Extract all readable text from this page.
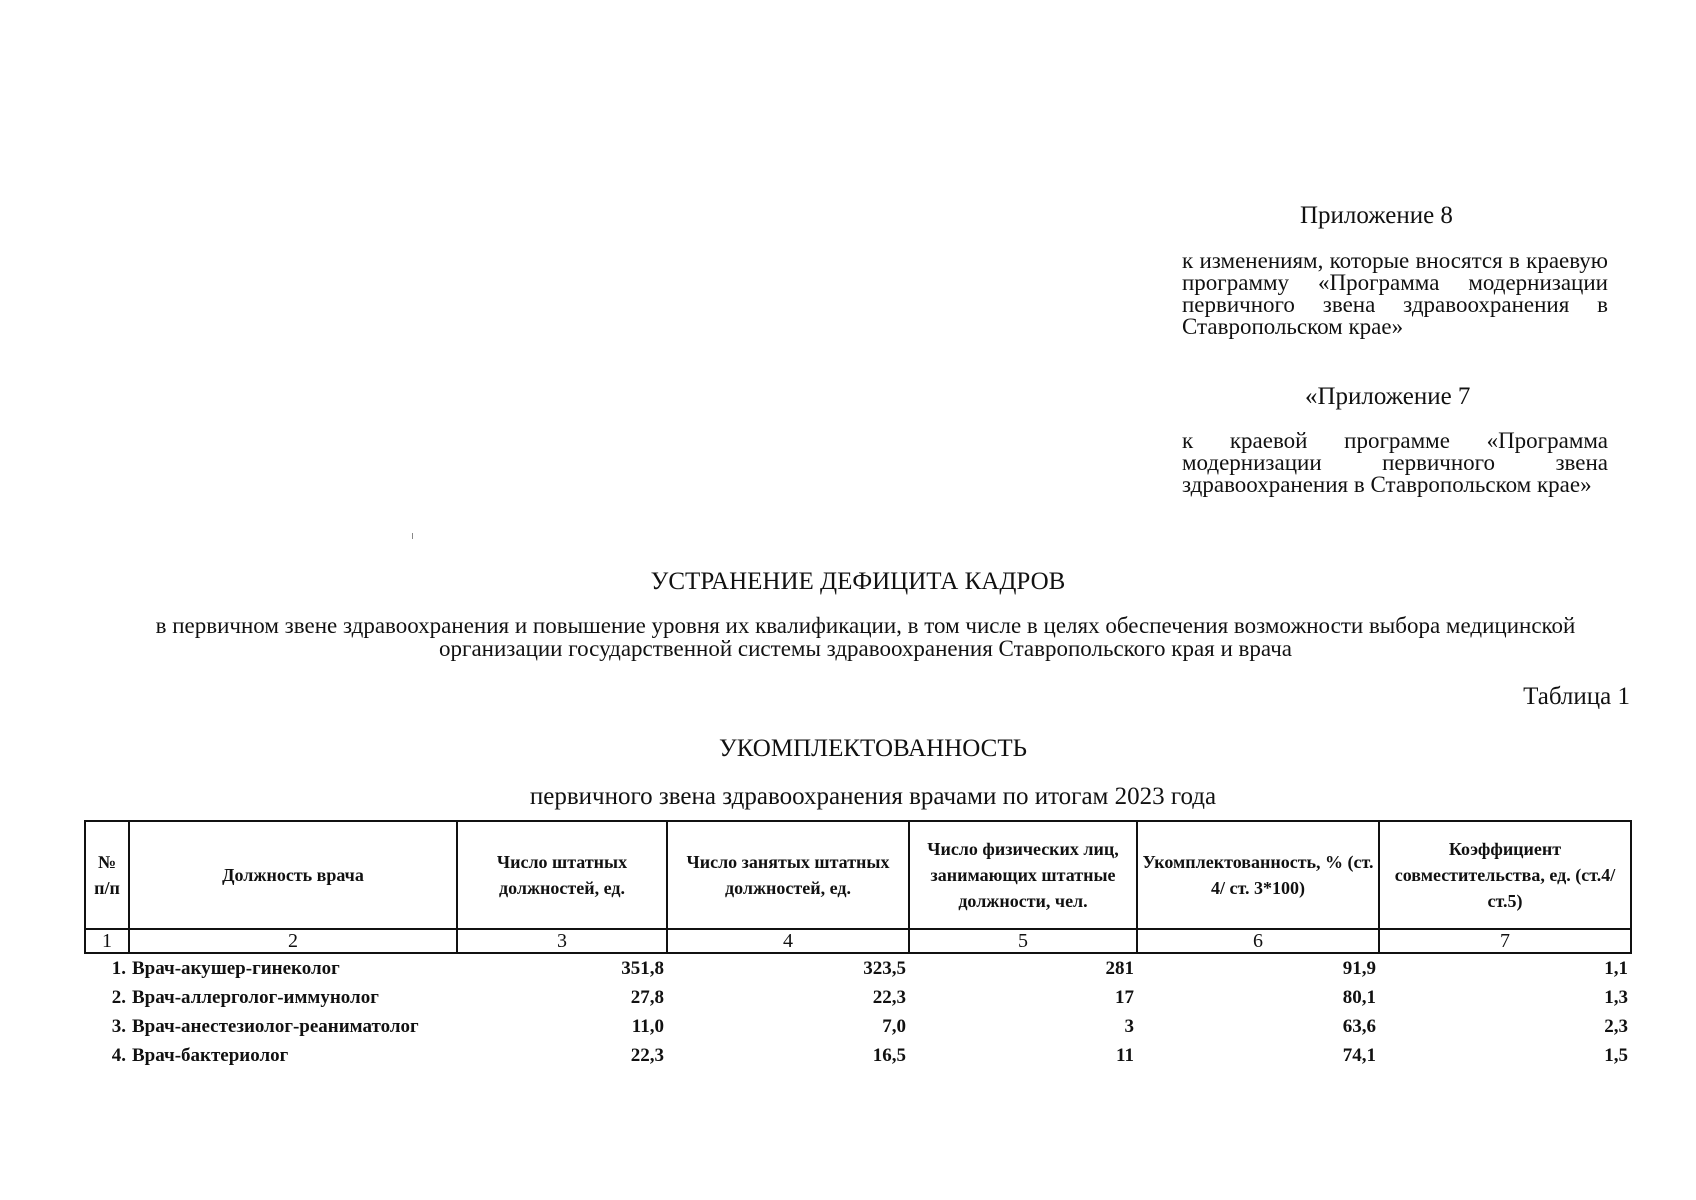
Приложение 8
к изменениям, которые вносятся в краевую программу «Программа модернизации первичного звена здравоохранения в Ставропольском крае»
«Приложение 7
к краевой программе «Программа модернизации первичного звена здравоохранения в Ставропольском крае»
УСТРАНЕНИЕ ДЕФИЦИТА КАДРОВ
в первичном звене здравоохранения и повышение уровня их квалификации, в том числе в целях обеспечения возможности выбора медицинской организации государственной системы здравоохранения Ставропольского края и врача
Таблица 1
УКОМПЛЕКТОВАННОСТЬ
первичного звена здравоохранения врачами по итогам 2023 года
№ п/п	Должность врача	Число штатных должностей, ед.	Число занятых штатных должностей, ед.	Число физических лиц, занимающих штатные должности, чел.	Укомплектованность, % (ст. 4/ ст. 3*100)	Коэффициент совместительства, ед. (ст.4/ст.5)
1	2	3	4	5	6	7
1.	Врач-акушер-гинеколог	351,8	323,5	281	91,9	1,1
2.	Врач-аллерголог-иммунолог	27,8	22,3	17	80,1	1,3
3.	Врач-анестезиолог-реаниматолог	11,0	7,0	3	63,6	2,3
4.	Врач-бактериолог	22,3	16,5	11	74,1	1,5
